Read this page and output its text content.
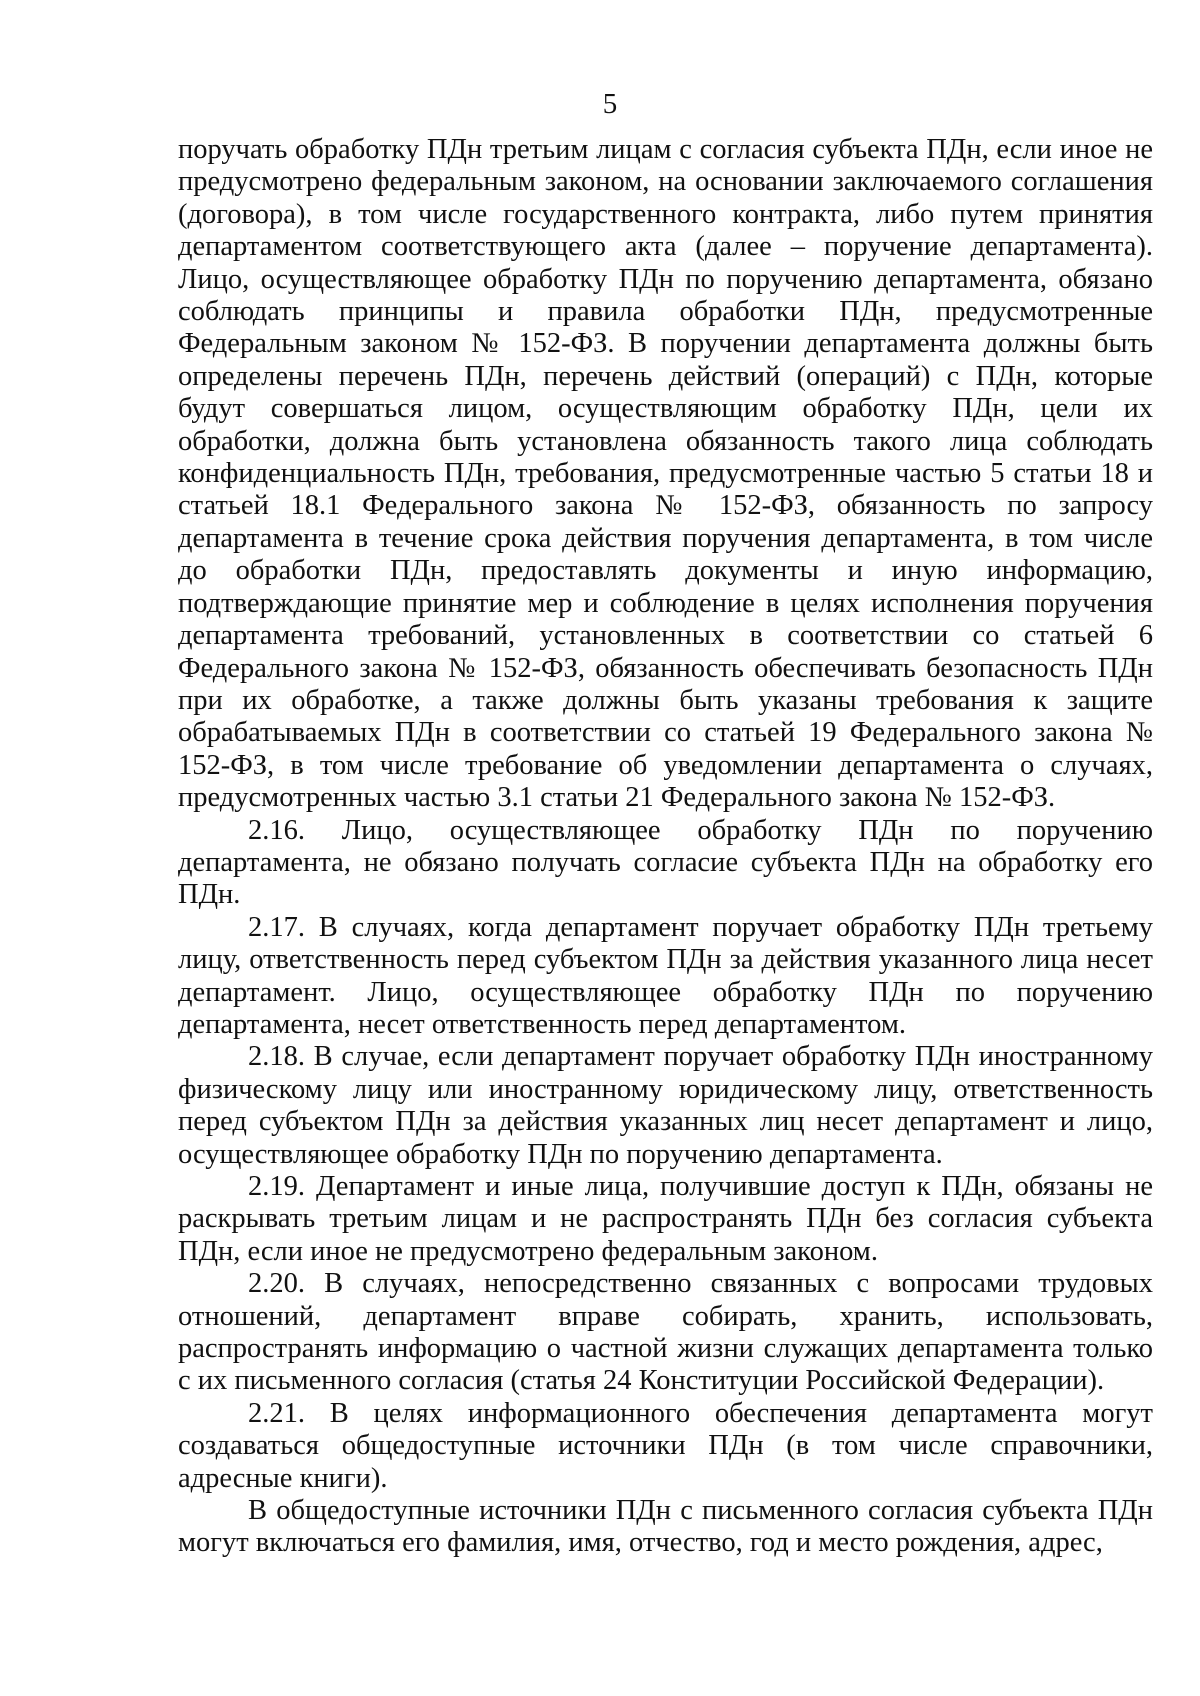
5

поручать обработку ПДн третьим лицам с согласия субъекта ПДн, если иное не предусмотрено федеральным законом, на основании заключаемого соглашения (договора), в том числе государственного контракта, либо путем принятия департаментом соответствующего акта (далее – поручение департамента). Лицо, осуществляющее обработку ПДн по поручению департамента, обязано соблюдать принципы и правила обработки ПДн, предусмотренные Федеральным законом № 152-ФЗ. В поручении департамента должны быть определены перечень ПДн, перечень действий (операций) с ПДн, которые будут совершаться лицом, осуществляющим обработку ПДн, цели их обработки, должна быть установлена обязанность такого лица соблюдать конфиденциальность ПДн, требования, предусмотренные частью 5 статьи 18 и статьей 18.1 Федерального закона № 152-ФЗ, обязанность по запросу департамента в течение срока действия поручения департамента, в том числе до обработки ПДн, предоставлять документы и иную информацию, подтверждающие принятие мер и соблюдение в целях исполнения поручения департамента требований, установленных в соответствии со статьей 6 Федерального закона № 152-ФЗ, обязанность обеспечивать безопасность ПДн при их обработке, а также должны быть указаны требования к защите обрабатываемых ПДн в соответствии со статьей 19 Федерального закона № 152-ФЗ, в том числе требование об уведомлении департамента о случаях, предусмотренных частью 3.1 статьи 21 Федерального закона № 152-ФЗ.

2.16. Лицо, осуществляющее обработку ПДн по поручению департамента, не обязано получать согласие субъекта ПДн на обработку его ПДн.

2.17. В случаях, когда департамент поручает обработку ПДн третьему лицу, ответственность перед субъектом ПДн за действия указанного лица несет департамент. Лицо, осуществляющее обработку ПДн по поручению департамента, несет ответственность перед департаментом.

2.18. В случае, если департамент поручает обработку ПДн иностранному физическому лицу или иностранному юридическому лицу, ответственность перед субъектом ПДн за действия указанных лиц несет департамент и лицо, осуществляющее обработку ПДн по поручению департамента.

2.19. Департамент и иные лица, получившие доступ к ПДн, обязаны не раскрывать третьим лицам и не распространять ПДн без согласия субъекта ПДн, если иное не предусмотрено федеральным законом.

2.20. В случаях, непосредственно связанных с вопросами трудовых отношений, департамент вправе собирать, хранить, использовать, распространять информацию о частной жизни служащих департамента только с их письменного согласия (статья 24 Конституции Российской Федерации).

2.21. В целях информационного обеспечения департамента могут создаваться общедоступные источники ПДн (в том числе справочники, адресные книги).

В общедоступные источники ПДн с письменного согласия субъекта ПДн могут включаться его фамилия, имя, отчество, год и место рождения, адрес,
